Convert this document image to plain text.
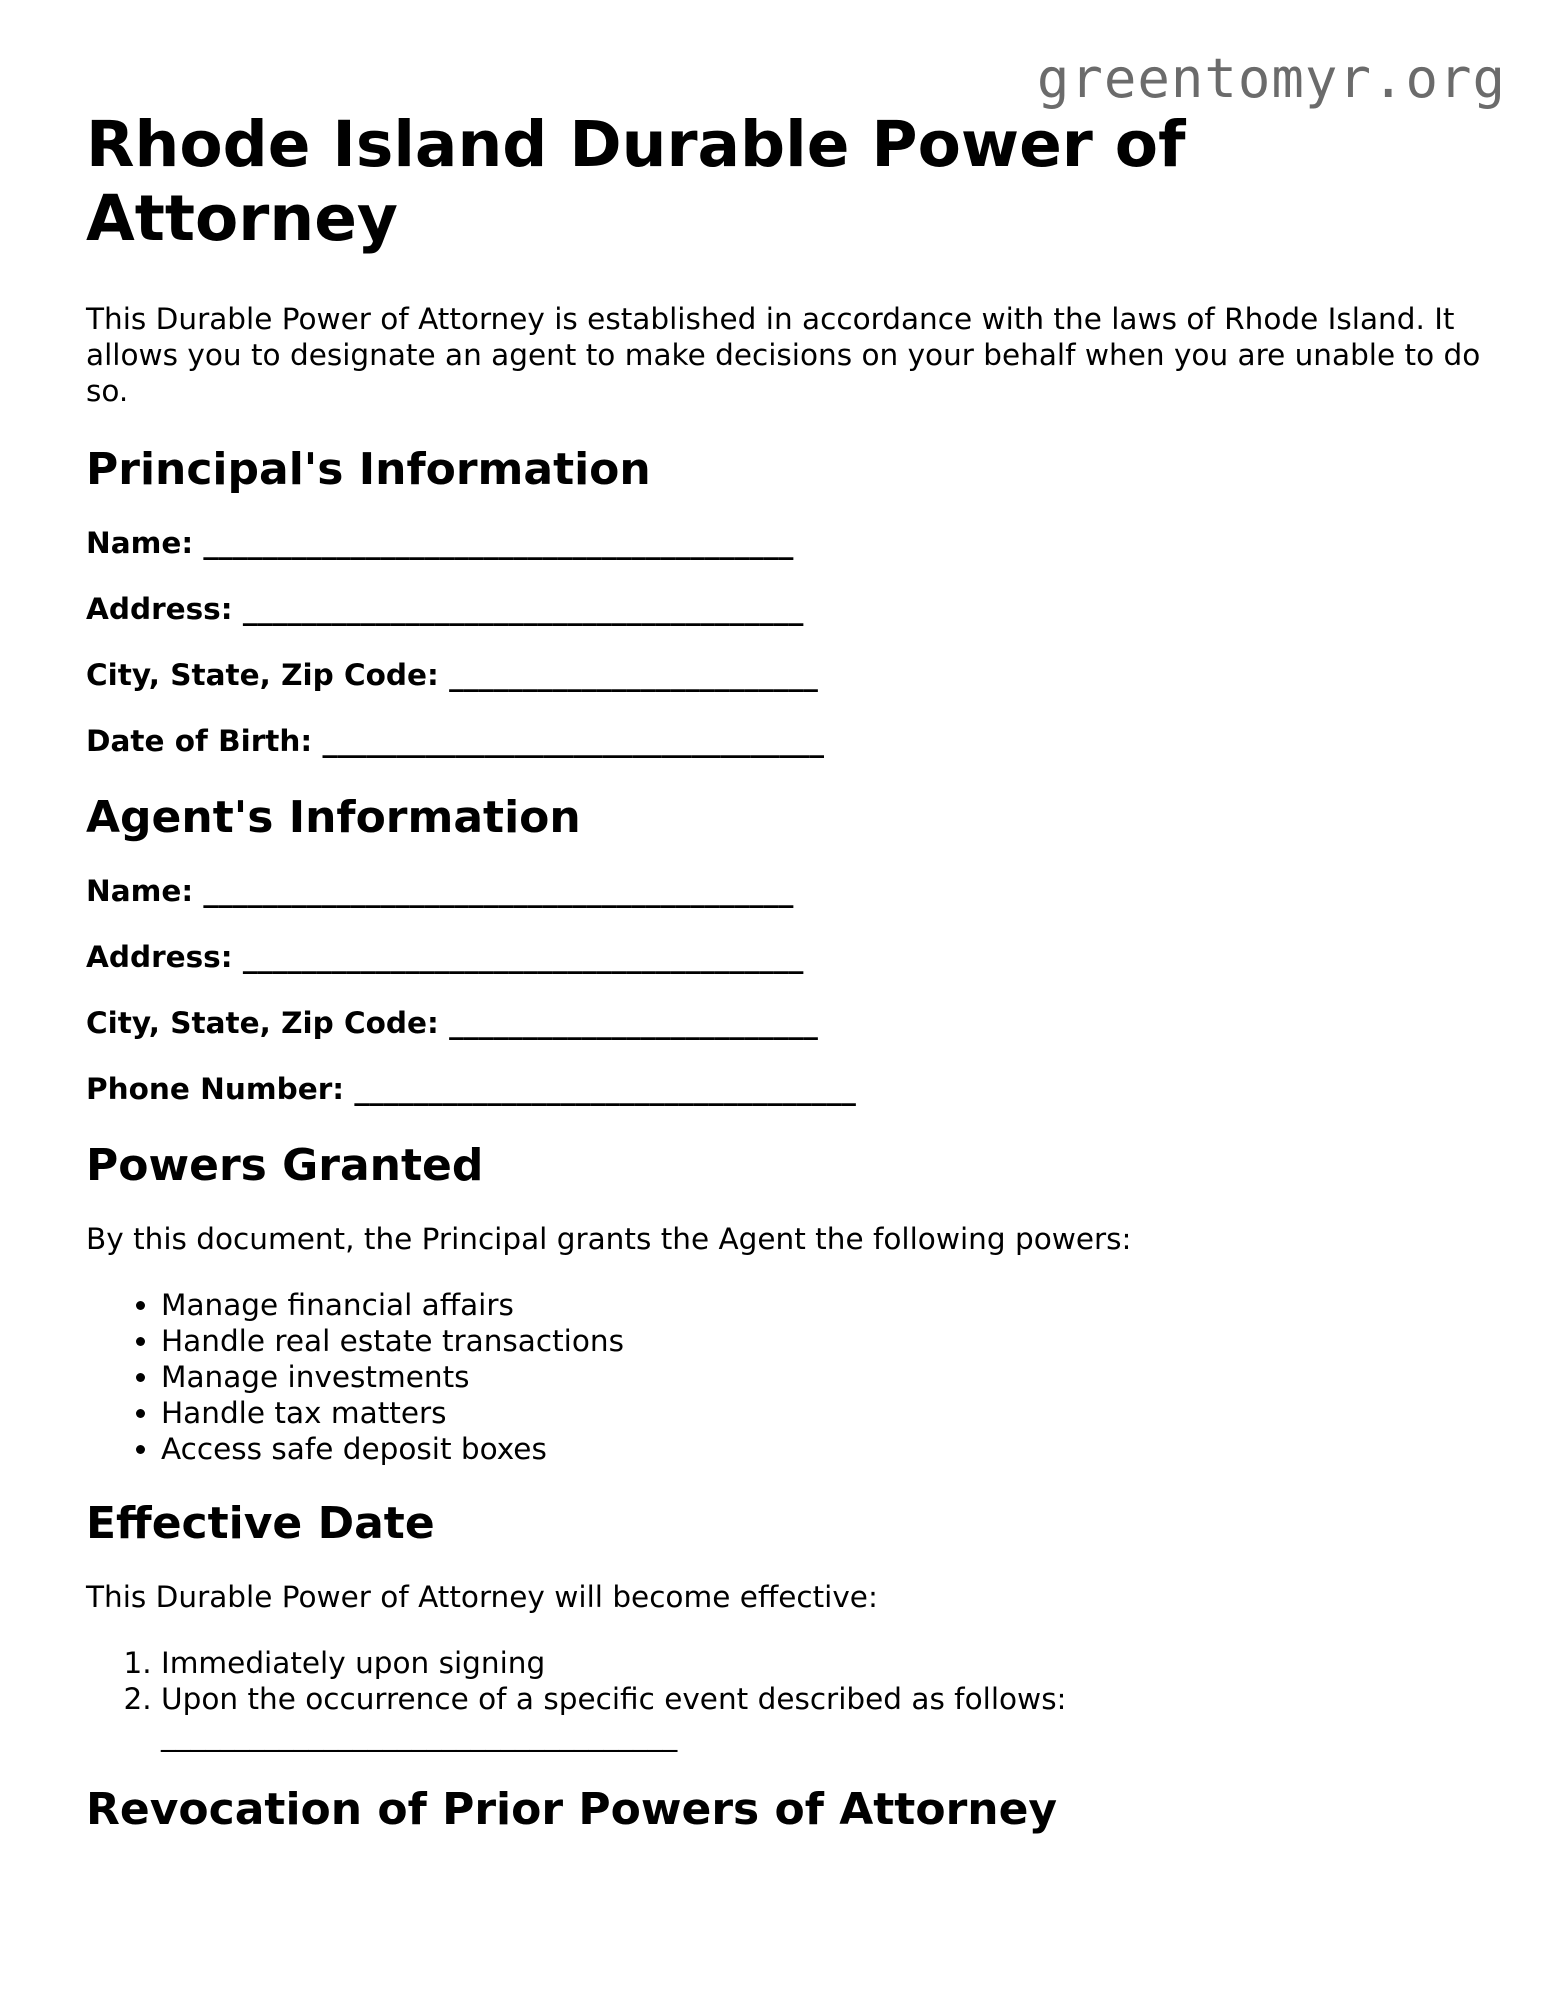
greentomyr.org
Rhode Island Durable Power of Attorney

This Durable Power of Attorney is established in accordance with the laws of Rhode Island. It allows you to designate an agent to make decisions on your behalf when you are unable to do so.

Principal's Information
Name: ________________________________________
Address: ______________________________________
City, State, Zip Code: _________________________
Date of Birth: __________________________________
Agent's Information
Name: ________________________________________
Address: ______________________________________
City, State, Zip Code: _________________________
Phone Number: __________________________________
Powers Granted

By this document, the Principal grants the Agent the following powers:

• Manage financial affairs
• Handle real estate transactions
• Manage investments
• Handle tax matters
• Access safe deposit boxes
Effective Date

This Durable Power of Attorney will become effective:

1. Immediately upon signing
2. Upon the occurrence of a specific event described as follows:
___________________________________
Revocation of Prior Powers of Attorney
